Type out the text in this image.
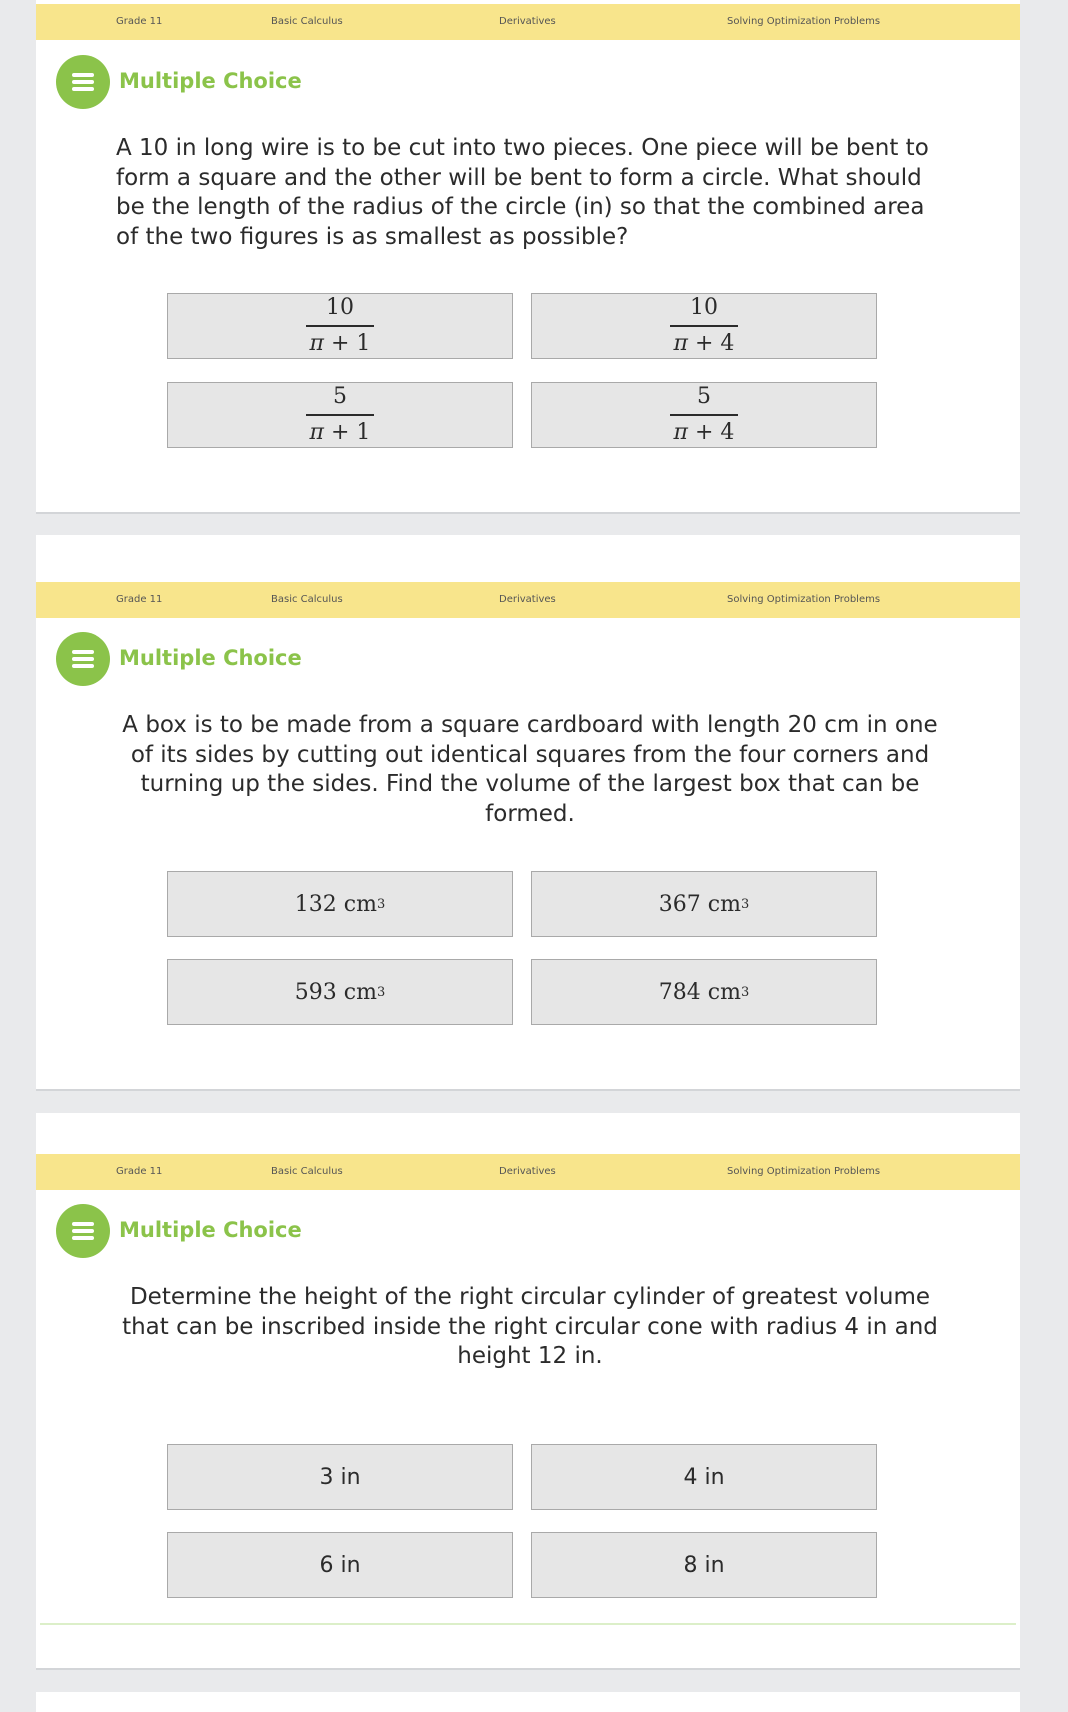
Grade 11	Basic Calculus	Derivatives	Solving Optimization Problems
Multiple Choice
A 10 in long wire is to be cut into two pieces. One piece will be bent to form a square and the other will be bent to form a circle. What should be the length of the radius of the circle (in) so that the combined area of the two figures is as smallest as possible?
$\frac{10}{\pi + 1}$	$\frac{10}{\pi + 4}$
$\frac{5}{\pi + 1}$	$\frac{5}{\pi + 4}$
Grade 11	Basic Calculus	Derivatives	Solving Optimization Problems
Multiple Choice
A box is to be made from a square cardboard with length 20 cm in one of its sides by cutting out identical squares from the four corners and turning up the sides. Find the volume of the largest box that can be formed.
132 cm 3	367 cm 3
593 cm 3	784 cm 3
Grade 11	Basic Calculus	Derivatives	Solving Optimization Problems
Multiple Choice
Determine the height of the right circular cylinder of greatest volume that can be inscribed inside the right circular cone with radius 4 in and height 12 in.
3 in	4 in
6 in	8 in
